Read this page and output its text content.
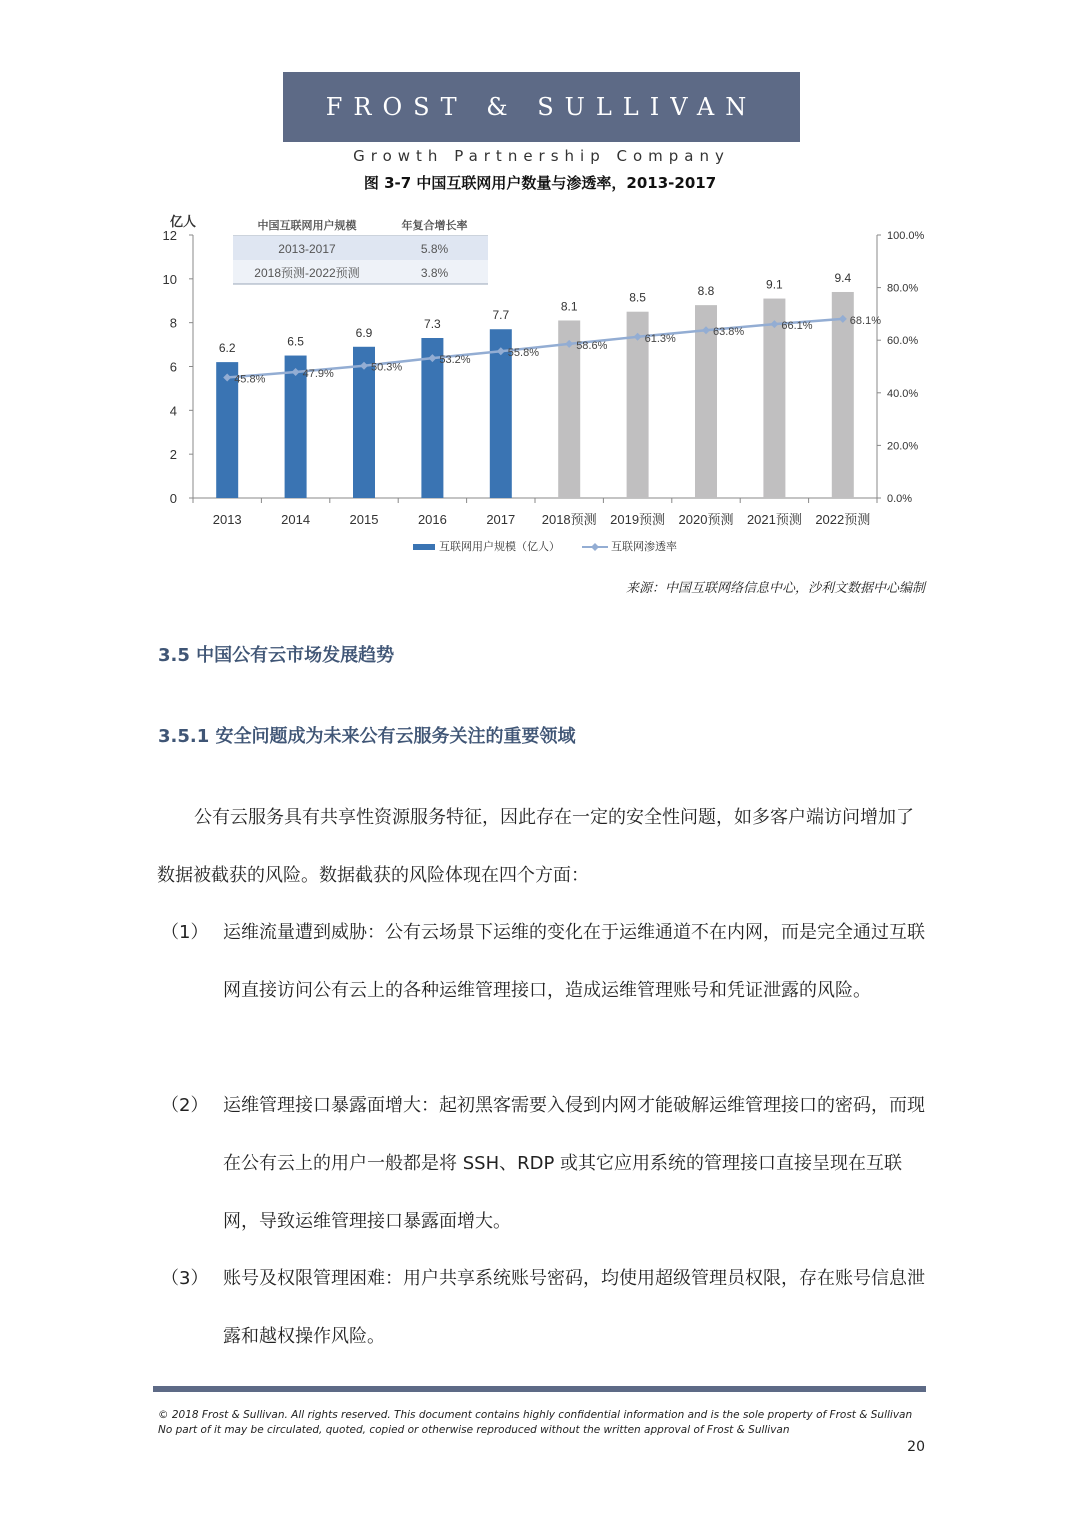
FROST & SULLIVAN
Growth Partnership Company
图 3-7 中国互联网用户数量与渗透率，2013-2017
0
2
4
6
8
10
12
亿人
0.0%
20.0%
40.0%
60.0%
80.0%
100.0%
2013	2014	2015	2016	2017 2018预测 2019预测 2020预测 2021预测 2022预测
6.2	6.5
6.9
7.3
7.7
8.1
8.5	8.8	9.1	9.4
45.8%	47.9%
50.3%
53.2%
55.8%
58.6%
61.3%
63.8%
66.1%	68.1%
中国互联网用户规模	年复合增长率
2013-2017	5.8%
2018预测-2022预测	3.8%
互联网用户规模（亿人）	互联网渗透率
来源：中国互联网络信息中心，沙利文数据中心编制
3.5 中国公有云市场发展趋势
3.5.1 安全问题成为未来公有云服务关注的重要领域
公有云服务具有共享性资源服务特征，因此存在一定的安全性问题，如多客户端访问增加了数据被截获的风险。数据截获的风险体现在四个方面：
（1） 运维流量遭到威胁：公有云场景下运维的变化在于运维通道不在内网，而是完全通过互联网直接访问公有云上的各种运维管理接口，造成运维管理账号和凭证泄露的风险。
（2） 运维管理接口暴露面增大：起初黑客需要入侵到内网才能破解运维管理接口的密码，而现在公有云上的用户一般都是将 SSH、RDP 或其它应用系统的管理接口直接呈现在互联网，导致运维管理接口暴露面增大。
（3） 账号及权限管理困难：用户共享系统账号密码，均使用超级管理员权限，存在账号信息泄露和越权操作风险。
© 2018 Frost & Sullivan. All rights reserved. This document contains highly confidential information and is the sole property of Frost & Sullivan
No part of it may be circulated, quoted, copied or otherwise reproduced without the written approval of Frost & Sullivan
20
